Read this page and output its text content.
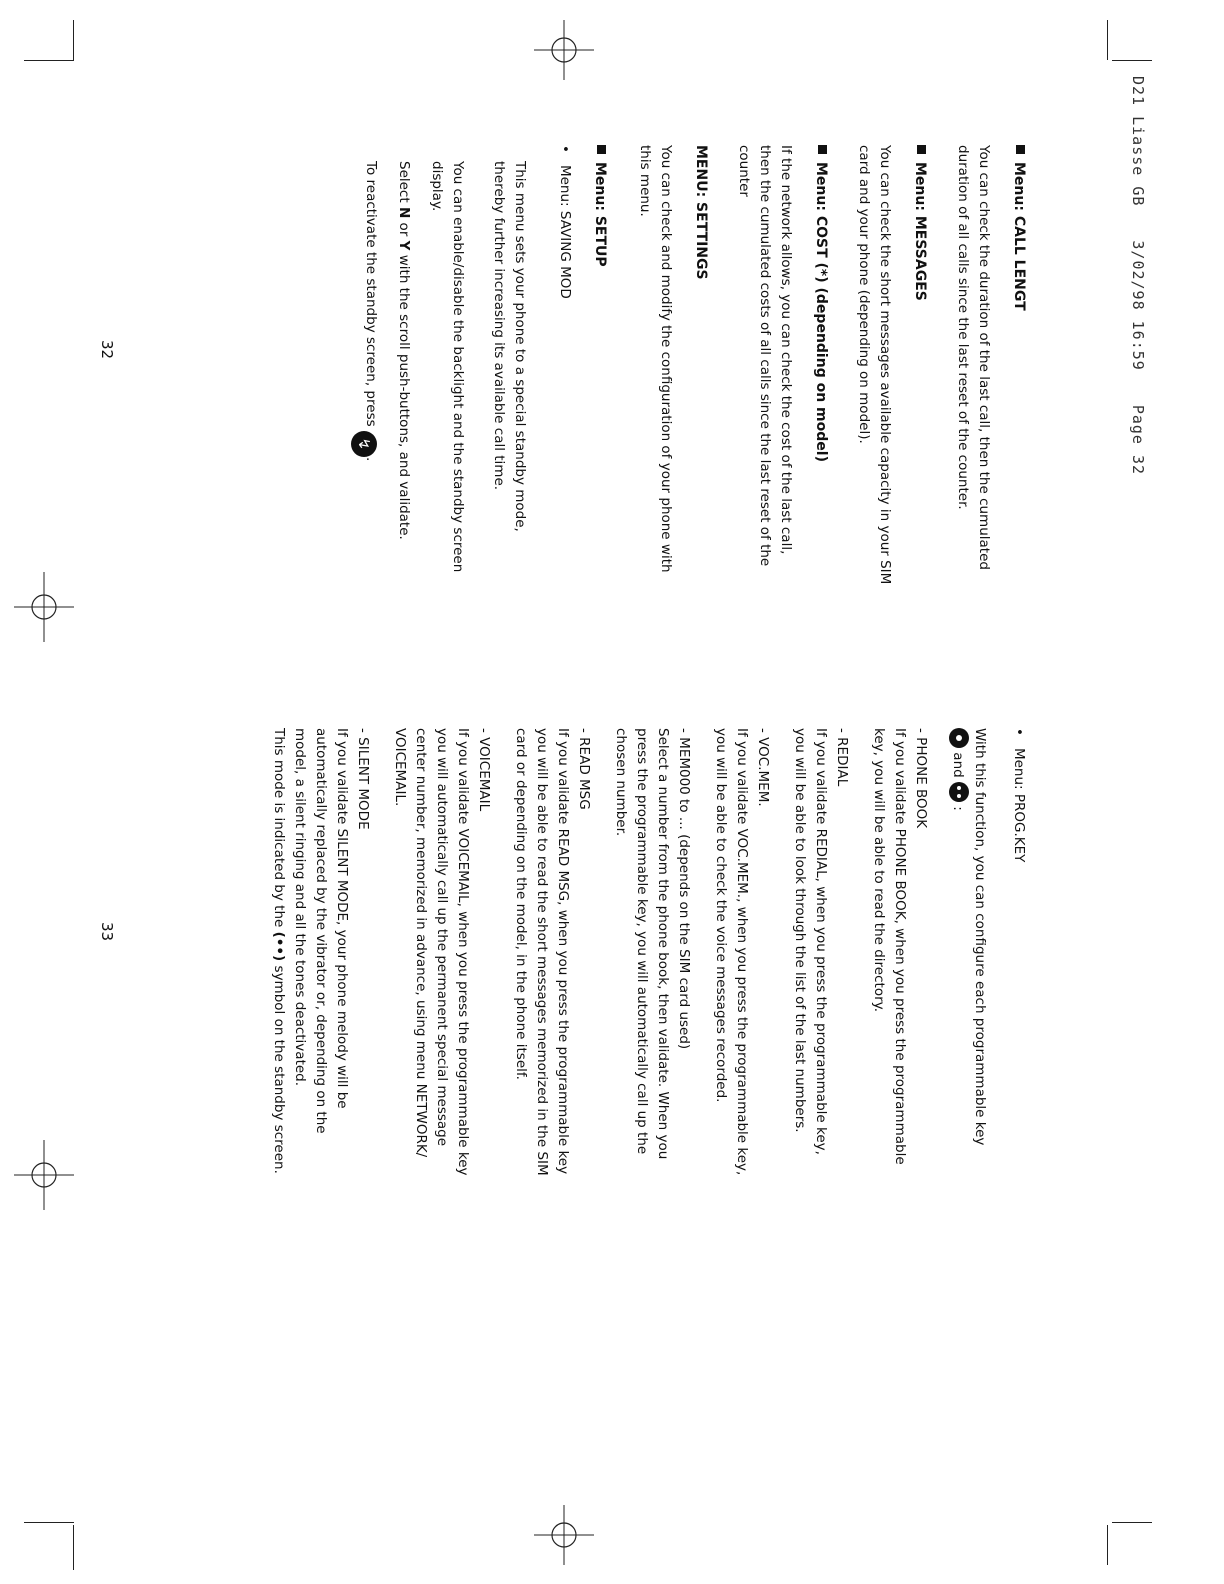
D21 Liasse GB3/02/98 16:59Page 32
Menu: CALL LENGT

You can check the duration of the last call, then the cumulated duration of all calls since the last reset of the counter.

Menu: MESSAGES

You can check the short messages available capacity in your SIM card and your phone (depending on model).

Menu: COST (*) (depending on model)

If the network allows, you can check the cost of the last call, then the cumulated costs of all calls since the last reset of the counter

MENU: SETTINGS

You can check and modify the configuration of your phone with this menu.

Menu: SETUP

• Menu: SAVING MOD

This menu sets your phone to a special standby mode, thereby further increasing its available call time.

You can enable/disable the backlight and the standby screen display.

Select N or Y with the scroll push-buttons, and validate.

To reactivate the standby screen, press ↯.

32

• Menu: PROG.KEY

With this function, you can configure each programmable key
and  :

- PHONE BOOK

If you validate PHONE BOOK, when you press the programmable key, you will be able to read the directory.

- REDIAL

If you validate REDIAL, when you press the programmable key, you will be able to look through the list of the last numbers.

- VOC.MEM.

If you validate VOC.MEM., when you press the programmable key, you will be able to check the voice messages recorded.

- MEM000 to ... (depends on the SIM card used)

Select a number from the phone book, then validate. When you press the programmable key, you will automatically call up the chosen number.

- READ MSG

If you validate READ MSG, when you press the programmable key you will be able to read the short messages memorized in the SIM card or depending on the model, in the phone itself.

- VOICEMAIL

If you validate VOICEMAIL, when you press the programmable key you will automatically call up the permanent special message center number, memorized in advance, using menu NETWORK/ VOICEMAIL.

- SILENT MODE

If you validate SILENT MODE, your phone melody will be automatically replaced by the vibrator or, depending on the model, a silent ringing and all the tones deactivated.

This mode is indicated by the (••) symbol on the standby screen.

33
